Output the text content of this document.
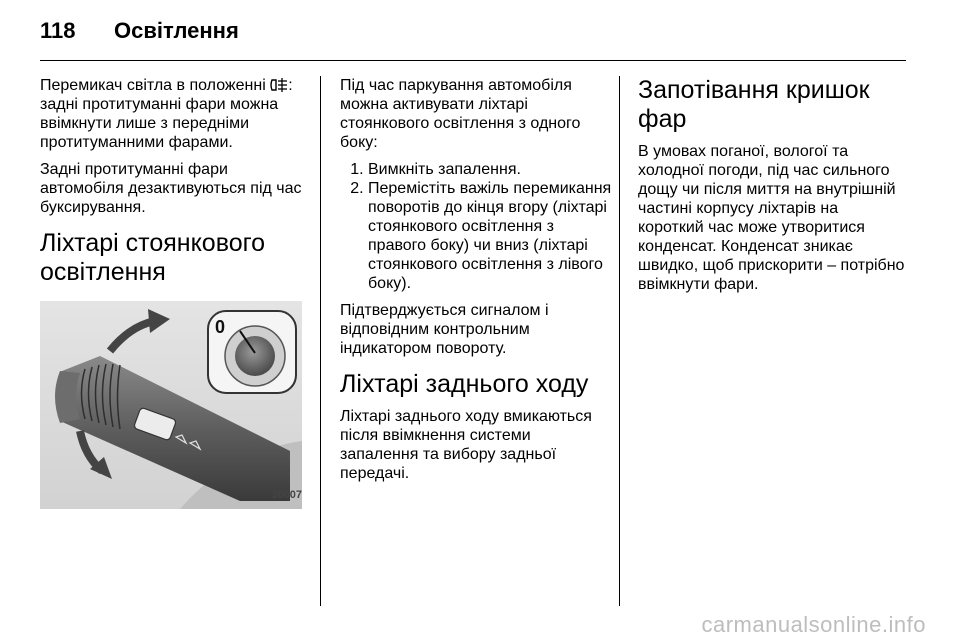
118 Освітлення

Перемикач світла в положенні : задні протитуманні фари можна ввімкнути лише з передніми протитуманними фарами.

Задні протитуманні фари автомобіля дезактивуються під час буксирування.

Ліхтарі стоянкового освітлення
0
30007

Під час паркування автомобіля можна активувати ліхтарі стоянкового освітлення з одного боку:

1. Вимкніть запалення.
2. Перемістіть важіль перемикання поворотів до кінця вгору (ліхтарі стоянкового освітлення з правого боку) чи вниз (ліхтарі стоянкового освітлення з лівого боку).

Підтверджується сигналом і відповідним контрольним індикатором повороту.

Ліхтарі заднього ходу

Ліхтарі заднього ходу вмикаються після ввімкнення системи запалення та вибору задньої передачі.

Запотівання кришок фар

В умовах поганої, вологої та холодної погоди, під час сильного дощу чи після миття на внутрішній частині корпусу ліхтарів на короткий час може утворитися конденсат. Конденсат зникає швидко, щоб прискорити – потрібно ввімкнути фари.

carmanualsonline.info
